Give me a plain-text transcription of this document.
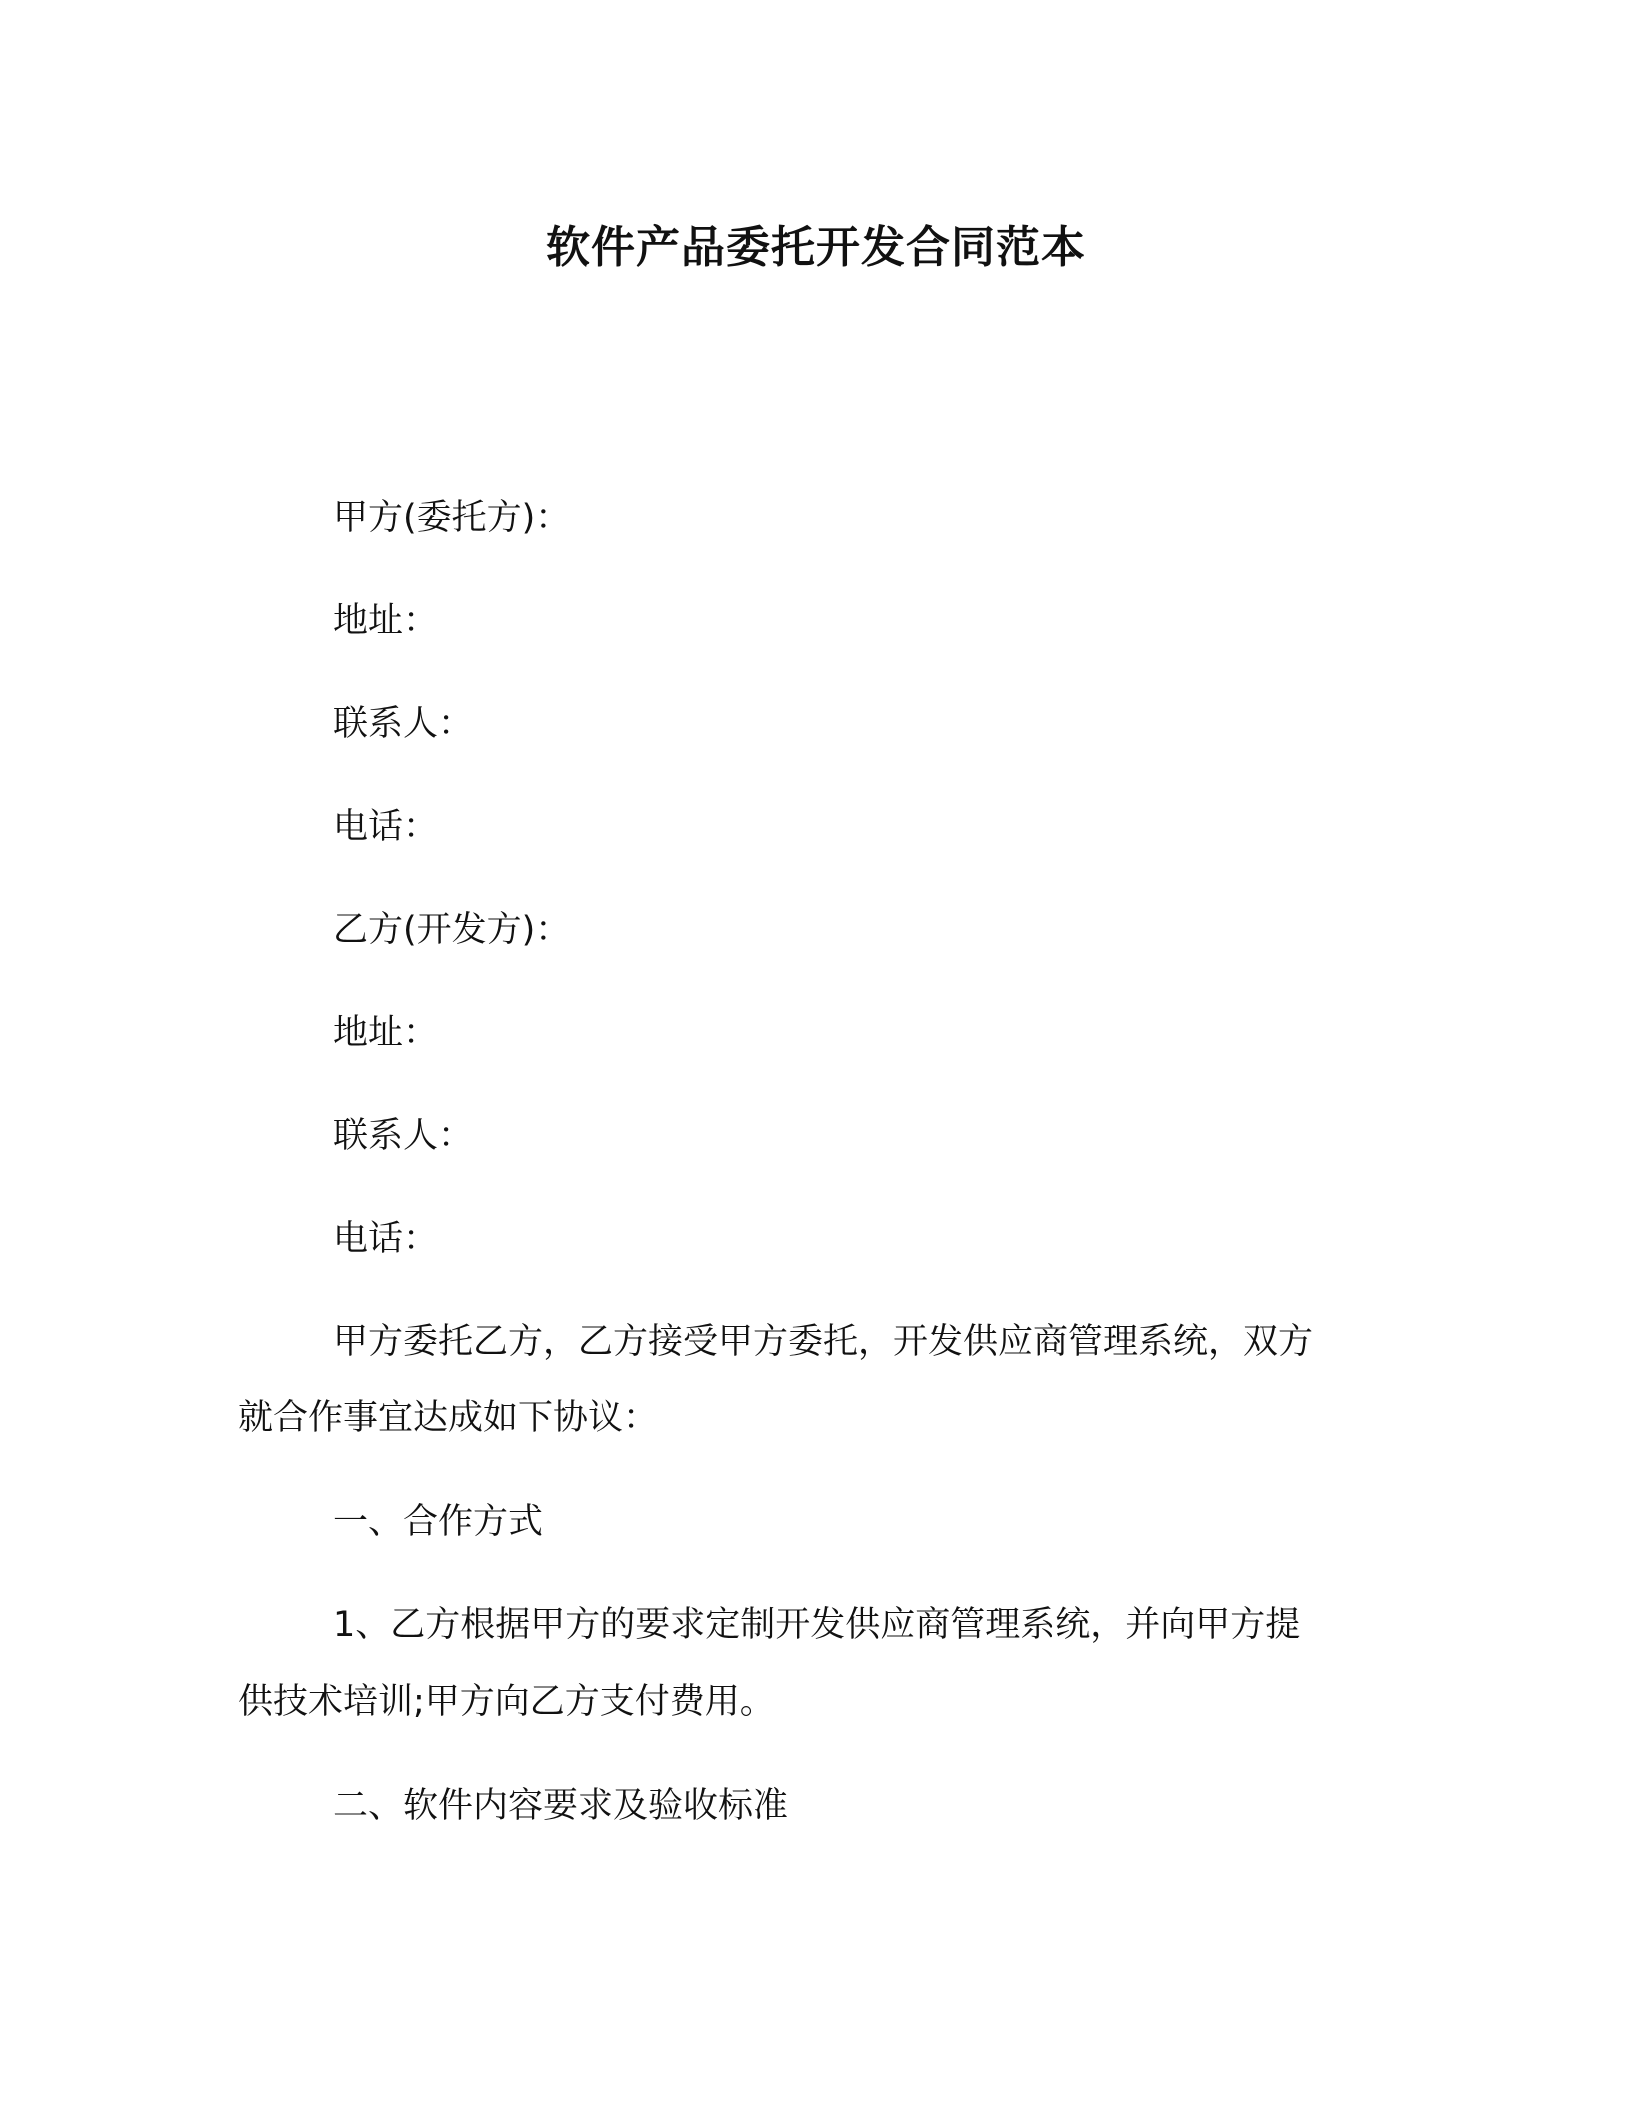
软件产品委托开发合同范本
甲方(委托方)：
地址：
联系人：
电话：
乙方(开发方)：
地址：
联系人：
电话：
甲方委托乙方，乙方接受甲方委托，开发供应商管理系统，双方
就合作事宜达成如下协议：
一、合作方式
1、乙方根据甲方的要求定制开发供应商管理系统，并向甲方提
供技术培训;甲方向乙方支付费用。
二、软件内容要求及验收标准
